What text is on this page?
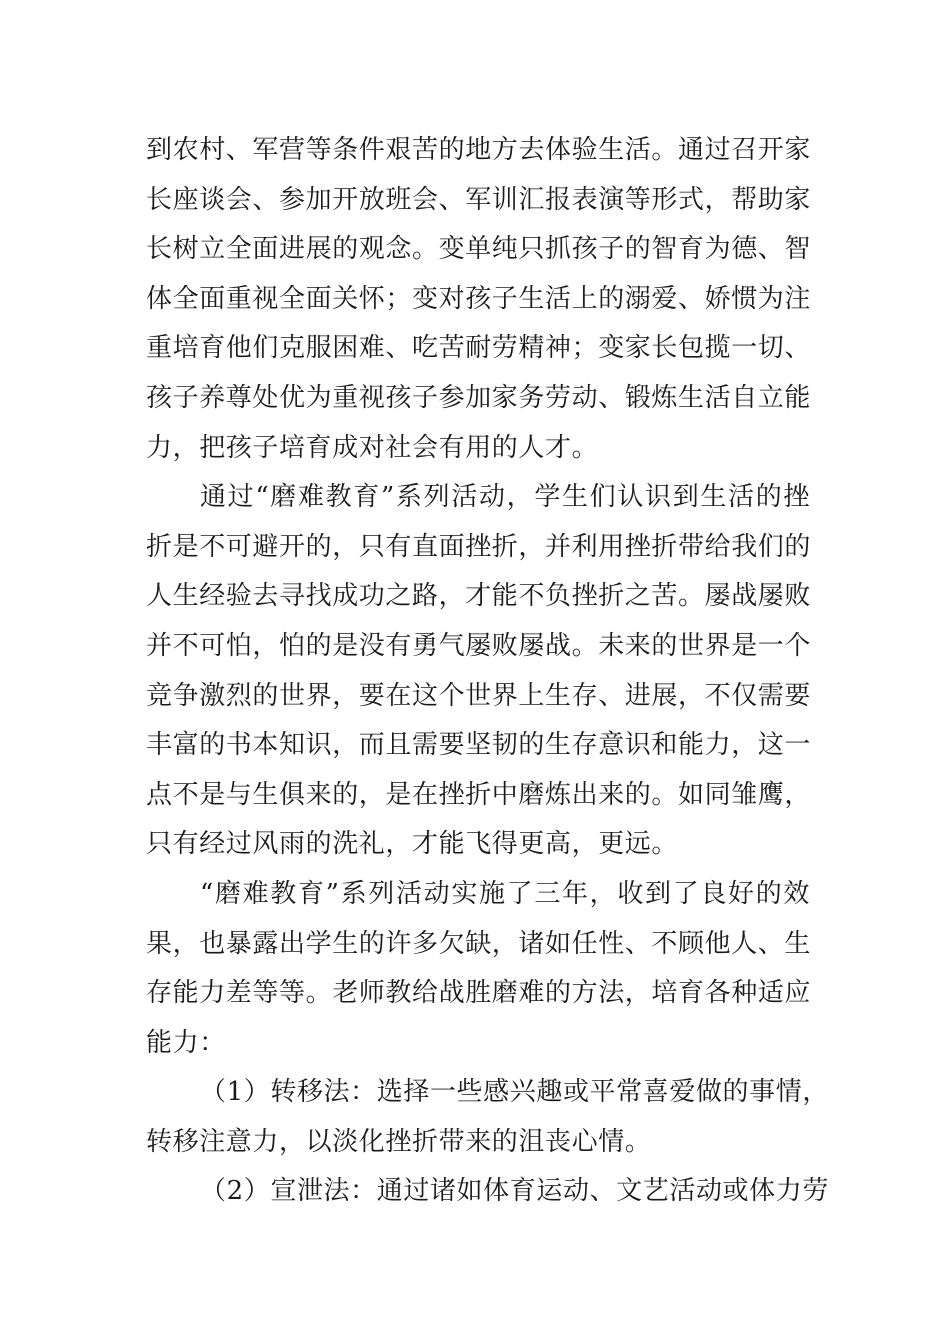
到农村、军营等条件艰苦的地方去体验生活。通过召开家
长座谈会、参加开放班会、军训汇报表演等形式，帮助家
长树立全面进展的观念。变单纯只抓孩子的智育为德、智
体全面重视全面关怀；变对孩子生活上的溺爱、娇惯为注
重培育他们克服困难、吃苦耐劳精神；变家长包揽一切、
孩子养尊处优为重视孩子参加家务劳动、锻炼生活自立能
力，把孩子培育成对社会有用的人才。
通过“磨难教育”系列活动，学生们认识到生活的挫
折是不可避开的，只有直面挫折，并利用挫折带给我们的
人生经验去寻找成功之路，才能不负挫折之苦。屡战屡败
并不可怕，怕的是没有勇气屡败屡战。未来的世界是一个
竞争激烈的世界，要在这个世界上生存、进展，不仅需要
丰富的书本知识，而且需要坚韧的生存意识和能力，这一
点不是与生俱来的，是在挫折中磨炼出来的。如同雏鹰，
只有经过风雨的洗礼，才能飞得更高，更远。
“磨难教育”系列活动实施了三年，收到了良好的效
果，也暴露出学生的许多欠缺，诸如任性、不顾他人、生
存能力差等等。老师教给战胜磨难的方法，培育各种适应
能力：
（1）转移法：选择一些感兴趣或平常喜爱做的事情，
转移注意力，以淡化挫折带来的沮丧心情。
（2）宣泄法：通过诸如体育运动、文艺活动或体力劳
